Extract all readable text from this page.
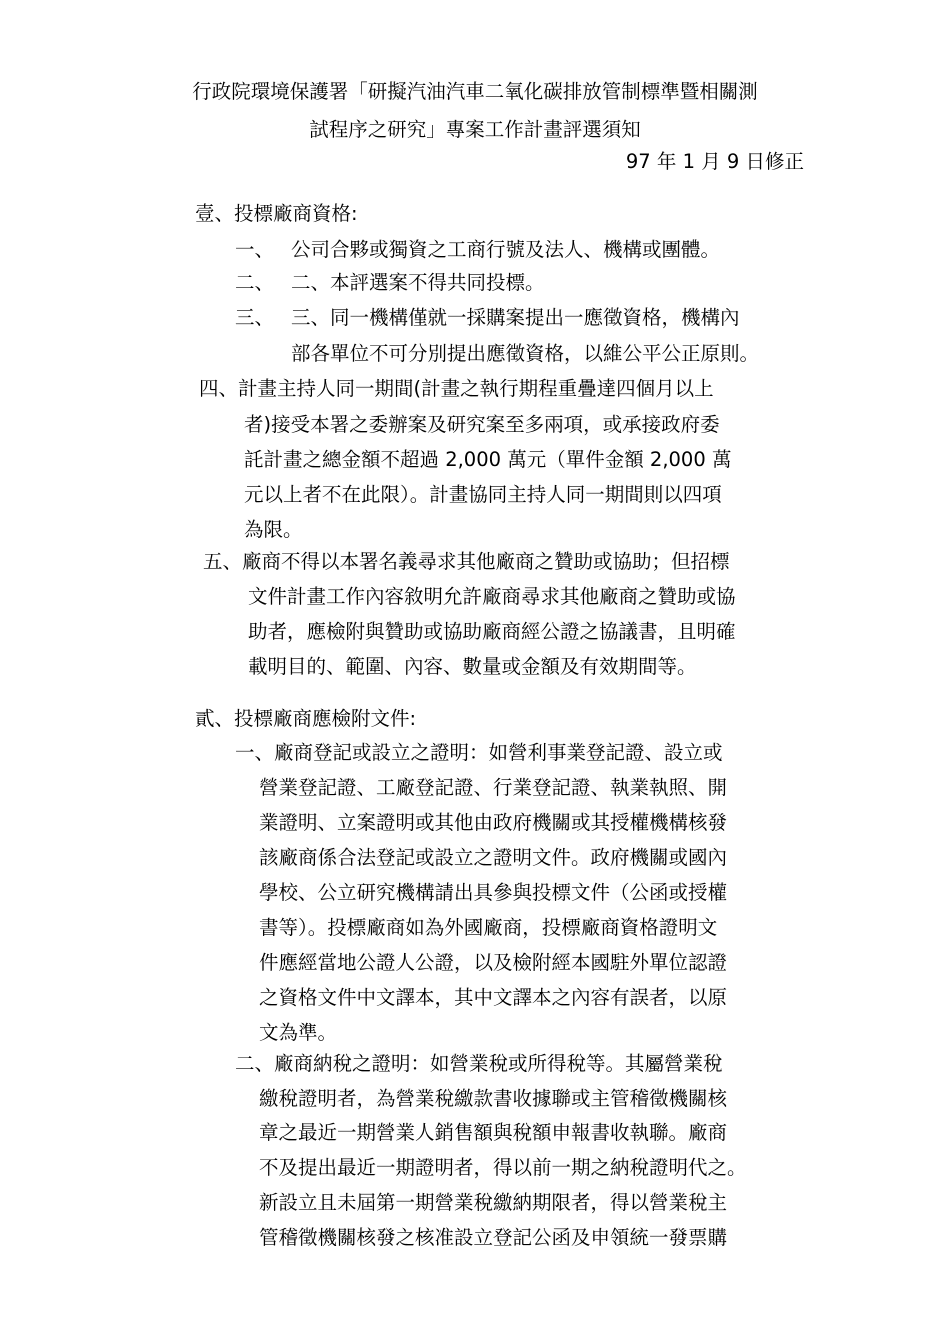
行政院環境保護署「研擬汽油汽車二氧化碳排放管制標準暨相關測

試程序之研究」專案工作計畫評選須知

97 年 1 月 9 日修正

壹、投標廠商資格:

一、 公司合夥或獨資之工商行號及法人、機構或團體。

二、 二、本評選案不得共同投標。

三、 三、同一機構僅就一採購案提出一應徵資格，機構內

部各單位不可分別提出應徵資格，以維公平公正原則。

四、計畫主持人同一期間(計畫之執行期程重疊達四個月以上

者)接受本署之委辦案及研究案至多兩項，或承接政府委

託計畫之總金額不超過 2,000 萬元（單件金額 2,000 萬

元以上者不在此限）。計畫協同主持人同一期間則以四項

為限。

五、廠商不得以本署名義尋求其他廠商之贊助或協助；但招標

文件計畫工作內容敘明允許廠商尋求其他廠商之贊助或協

助者，應檢附與贊助或協助廠商經公證之協議書，且明確

載明目的、範圍、內容、數量或金額及有效期間等。

貳、投標廠商應檢附文件:

一、廠商登記或設立之證明：如營利事業登記證、設立或

營業登記證、工廠登記證、行業登記證、執業執照、開

業證明、立案證明或其他由政府機關或其授權機構核發

該廠商係合法登記或設立之證明文件。政府機關或國內

學校、公立研究機構請出具參與投標文件（公函或授權

書等）。投標廠商如為外國廠商，投標廠商資格證明文

件應經當地公證人公證，以及檢附經本國駐外單位認證

之資格文件中文譯本，其中文譯本之內容有誤者，以原

文為準。

二、廠商納稅之證明：如營業稅或所得稅等。其屬營業稅

繳稅證明者，為營業稅繳款書收據聯或主管稽徵機關核

章之最近一期營業人銷售額與稅額申報書收執聯。廠商

不及提出最近一期證明者，得以前一期之納稅證明代之。

新設立且未屆第一期營業稅繳納期限者，得以營業稅主

管稽徵機關核發之核准設立登記公函及申領統一發票購
